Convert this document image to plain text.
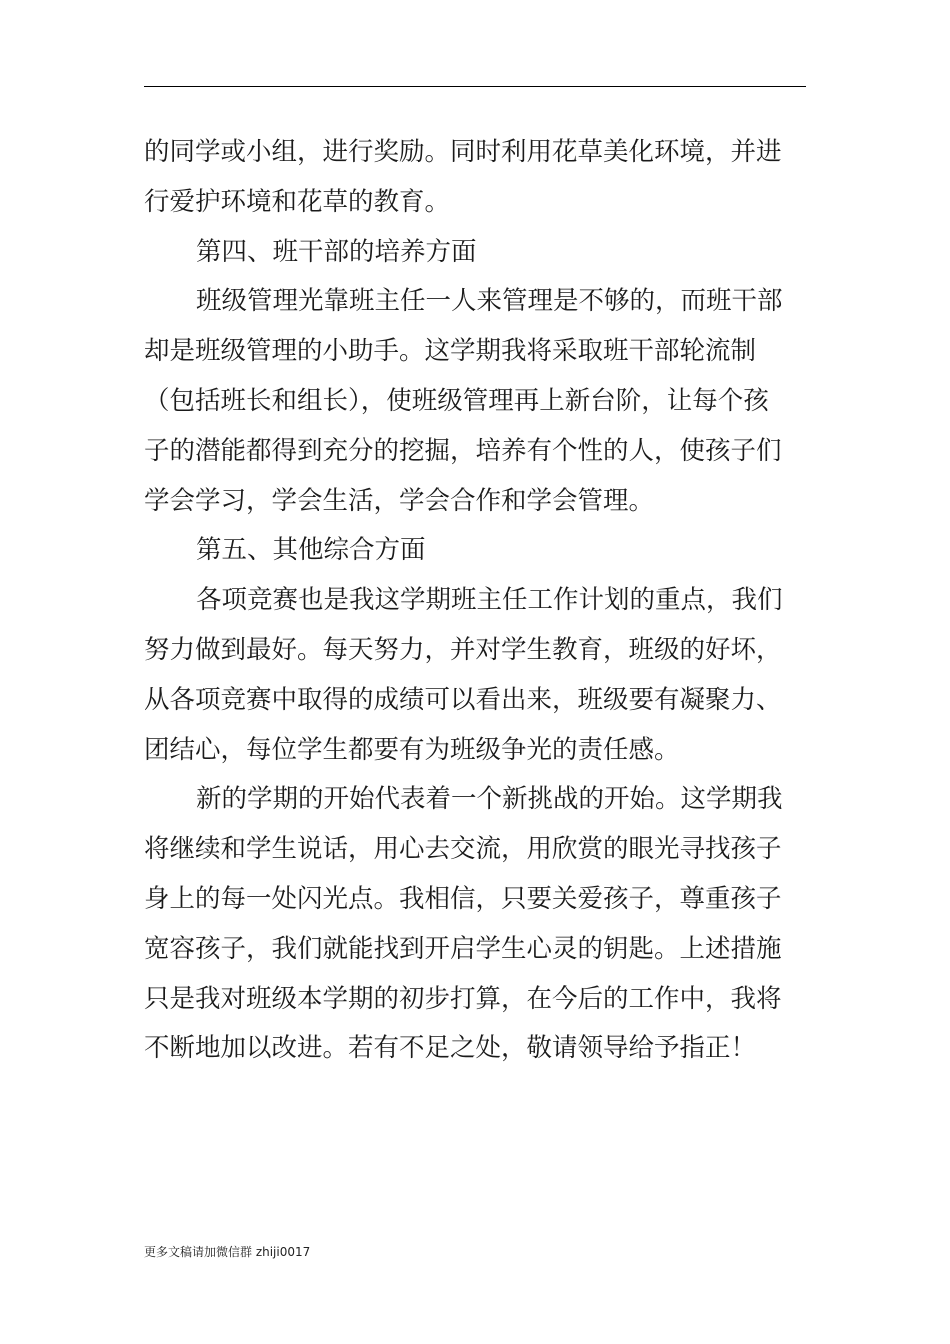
的同学或小组，进行奖励。同时利用花草美化环境，并进
行爱护环境和花草的教育。
第四、班干部的培养方面
班级管理光靠班主任一人来管理是不够的，而班干部
却是班级管理的小助手。这学期我将采取班干部轮流制
（包括班长和组长），使班级管理再上新台阶，让每个孩
子的潜能都得到充分的挖掘，培养有个性的人，使孩子们
学会学习，学会生活，学会合作和学会管理。
第五、其他综合方面
各项竞赛也是我这学期班主任工作计划的重点，我们
努力做到最好。每天努力，并对学生教育，班级的好坏，
从各项竞赛中取得的成绩可以看出来，班级要有凝聚力、
团结心，每位学生都要有为班级争光的责任感。
新的学期的开始代表着一个新挑战的开始。这学期我
将继续和学生说话，用心去交流，用欣赏的眼光寻找孩子
身上的每一处闪光点。我相信，只要关爱孩子，尊重孩子
宽容孩子，我们就能找到开启学生心灵的钥匙。上述措施
只是我对班级本学期的初步打算，在今后的工作中，我将
不断地加以改进。若有不足之处，敬请领导给予指正！
更多文稿请加微信群 zhiji0017
